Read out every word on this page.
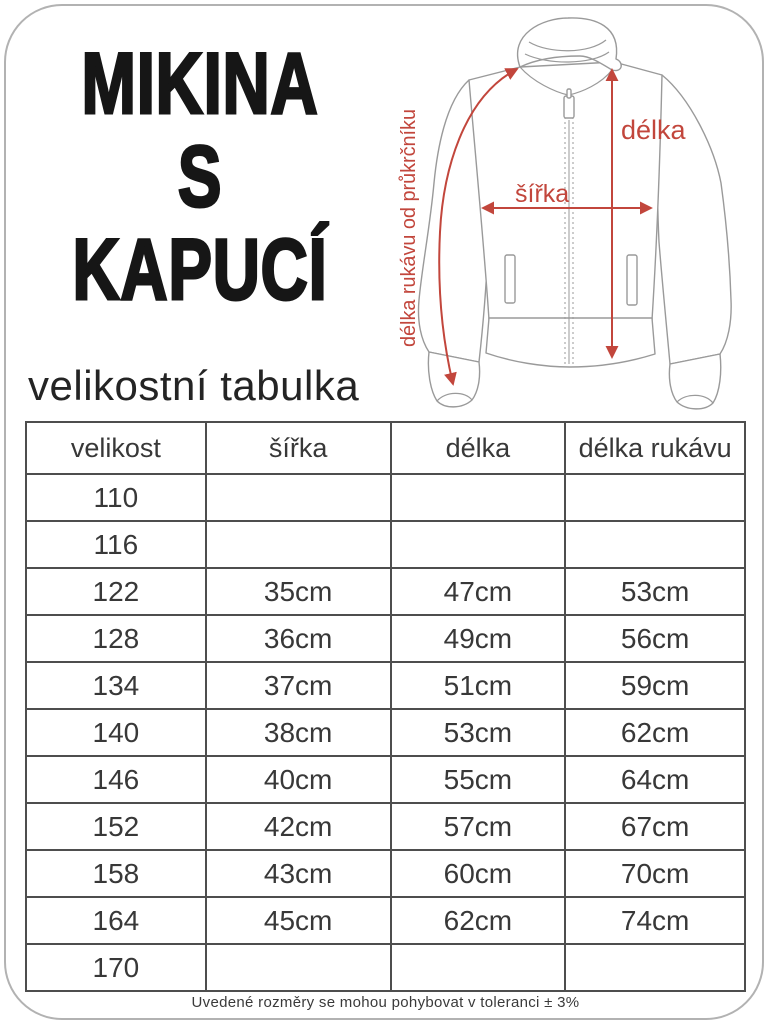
MIKINA
S
KAPUCÍ
velikostní tabulka
délka
šířka
délka rukávu od průkrčníku
velikost	šířka	délka	délka rukávu
110			
116			
122	35cm	47cm	53cm
128	36cm	49cm	56cm
134	37cm	51cm	59cm
140	38cm	53cm	62cm
146	40cm	55cm	64cm
152	42cm	57cm	67cm
158	43cm	60cm	70cm
164	45cm	62cm	74cm
170			
Uvedené rozměry se mohou pohybovat v toleranci ± 3%
